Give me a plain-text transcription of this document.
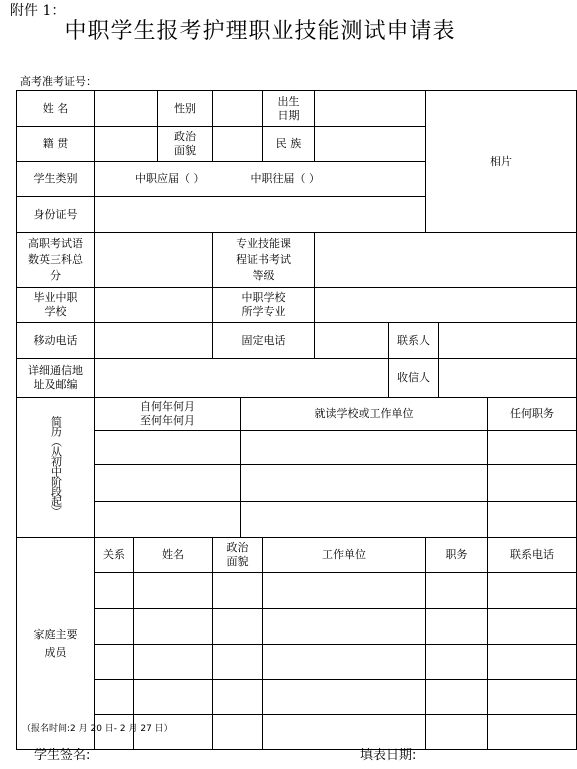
附件 1：
中职学生报考护理职业技能测试申请表
高考准考证号：
姓 名			性别			出生日期			相片		
籍 贯			政治面貌			民 族					
学生类别	中职应届（ ）			中职往届（ ）							
身份证号											
高职考试语数英三科总分				专业技能课程证书考试等级							
毕业中职学校				中职学校所学专业							
移动电话				固定电话				联系人			
详细通信地址及邮编								收信人			
简历（从初中阶段起）	自何年何月至何年何月				就读学校或工作单位						任何职务

家庭主要成员	关系	姓名		政治面貌		工作单位			职务		联系电话

（报名时间:2 月 20 日- 2 月 27 日）
学生签名:	填表日期:
